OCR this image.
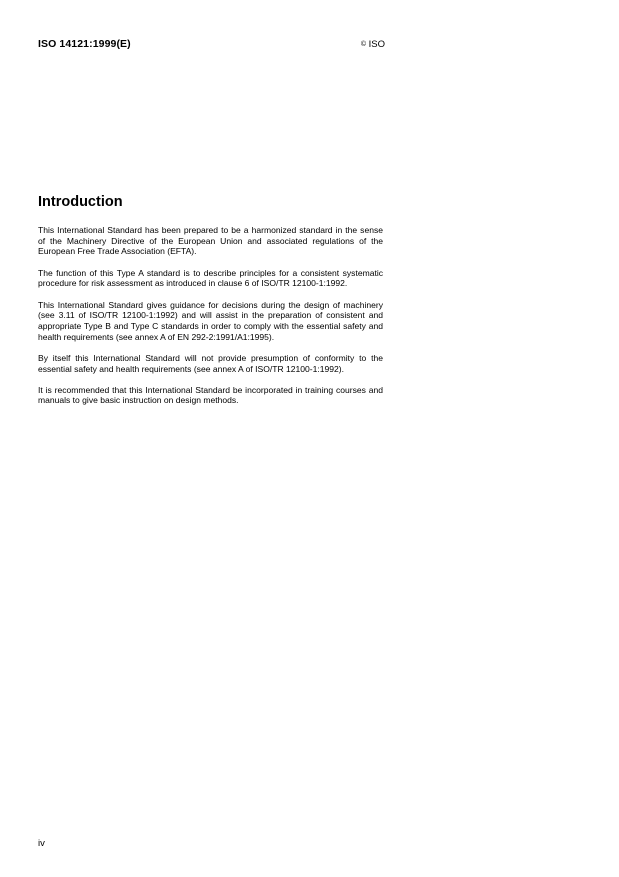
ISO 14121:1999(E)	© ISO
Introduction

This International Standard has been prepared to be a harmonized standard in the sense of the Machinery Directive of the European Union and associated regulations of the European Free Trade Association (EFTA).

The function of this Type A standard is to describe principles for a consistent systematic procedure for risk assessment as introduced in clause 6 of ISO/TR 12100-1:1992.

This International Standard gives guidance for decisions during the design of machinery (see 3.11 of ISO/TR 12100-1:1992) and will assist in the preparation of consistent and appropriate Type B and Type C standards in order to comply with the essential safety and health requirements (see annex A of EN 292-2:1991/A1:1995).

By itself this International Standard will not provide presumption of conformity to the essential safety and health requirements (see annex A of ISO/TR 12100-1:1992).

It is recommended that this International Standard be incorporated in training courses and manuals to give basic instruction on design methods.

iv
